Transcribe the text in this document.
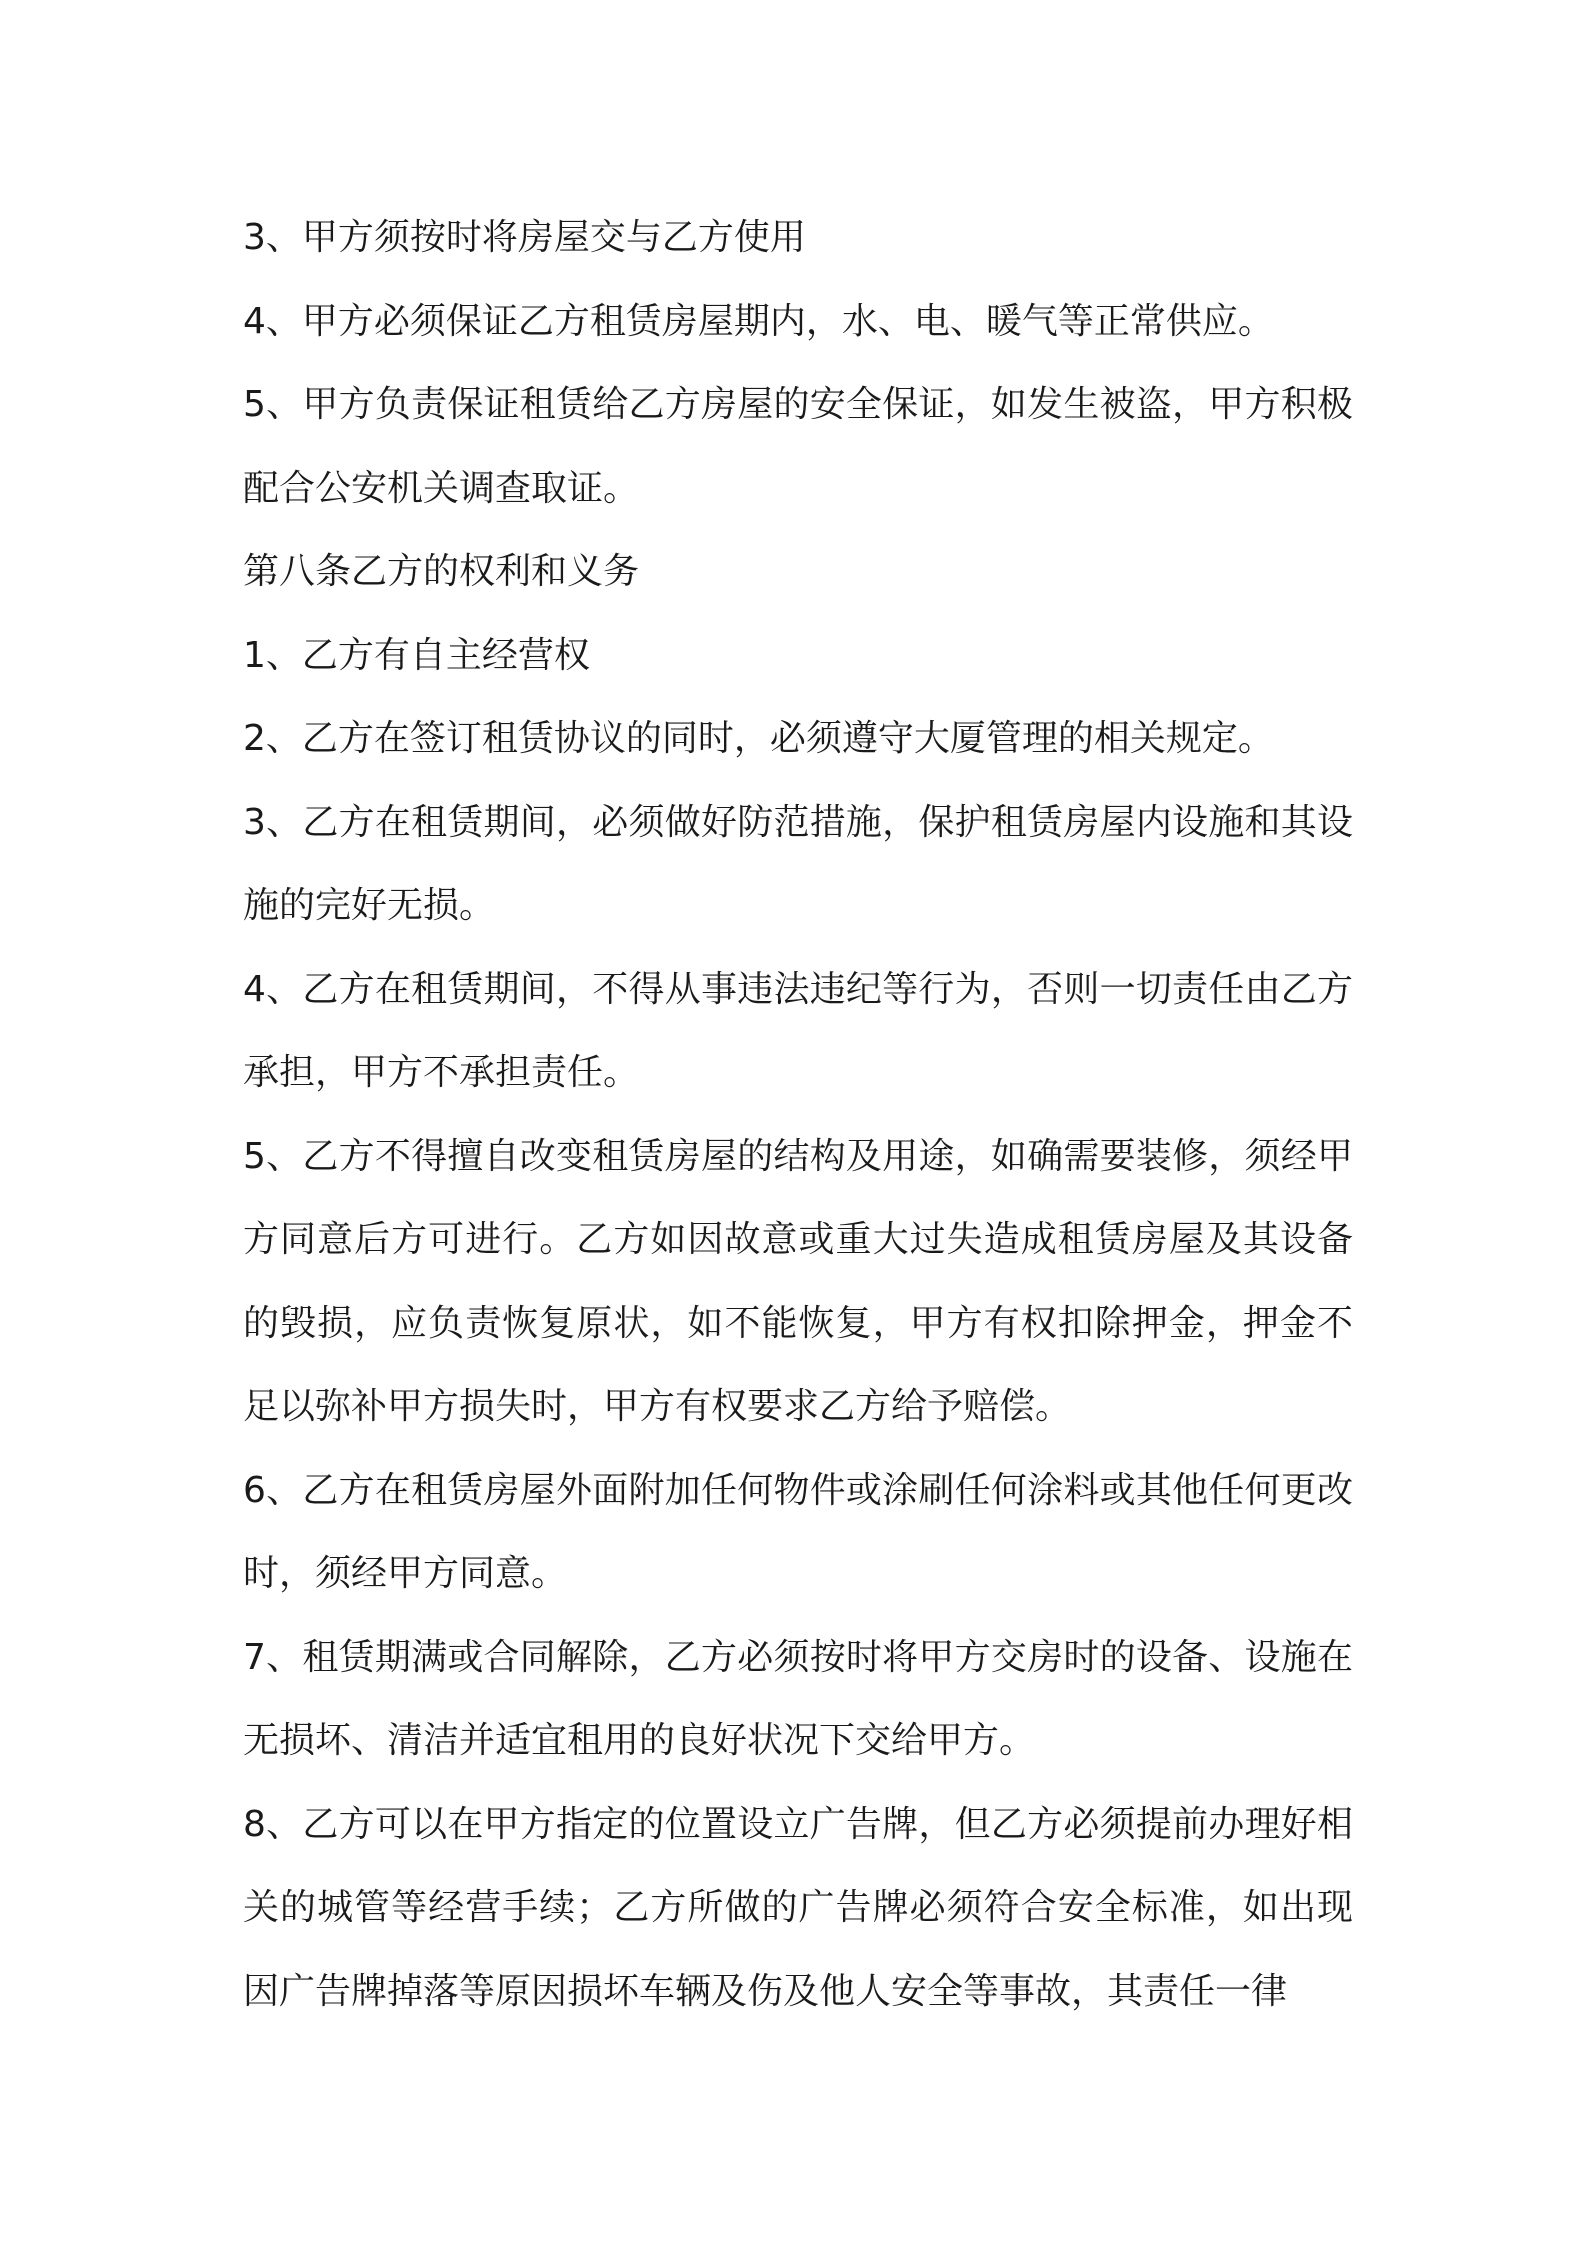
3、甲方须按时将房屋交与乙方使用

4、甲方必须保证乙方租赁房屋期内，水、电、暖气等正常供应。

5、甲方负责保证租赁给乙方房屋的安全保证，如发生被盗，甲方积极配合公安机关调查取证。

第八条乙方的权利和义务

1、乙方有自主经营权

2、乙方在签订租赁协议的同时，必须遵守大厦管理的相关规定。

3、乙方在租赁期间，必须做好防范措施，保护租赁房屋内设施和其设施的完好无损。

4、乙方在租赁期间，不得从事违法违纪等行为，否则一切责任由乙方承担，甲方不承担责任。

5、乙方不得擅自改变租赁房屋的结构及用途，如确需要装修，须经甲方同意后方可进行。乙方如因故意或重大过失造成租赁房屋及其设备的毁损，应负责恢复原状，如不能恢复，甲方有权扣除押金，押金不足以弥补甲方损失时，甲方有权要求乙方给予赔偿。

6、乙方在租赁房屋外面附加任何物件或涂刷任何涂料或其他任何更改时，须经甲方同意。

7、租赁期满或合同解除，乙方必须按时将甲方交房时的设备、设施在无损坏、清洁并适宜租用的良好状况下交给甲方。

8、乙方可以在甲方指定的位置设立广告牌，但乙方必须提前办理好相关的城管等经营手续；乙方所做的广告牌必须符合安全标准，如出现因广告牌掉落等原因损坏车辆及伤及他人安全等事故，其责任一律
